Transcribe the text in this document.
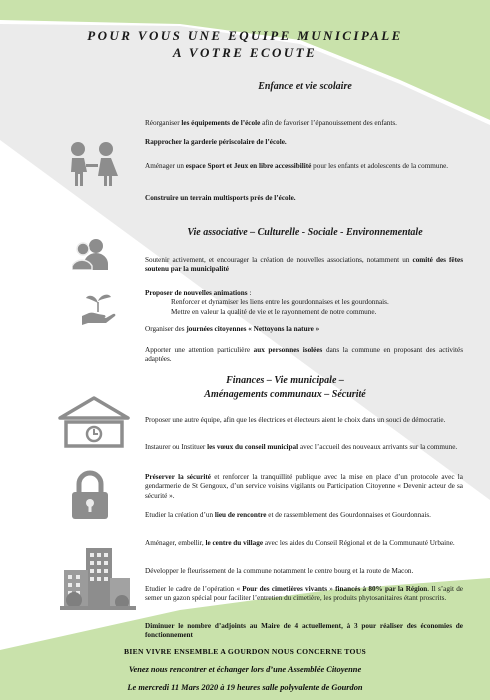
POUR VOUS UNE EQUIPE MUNICIPALE
A VOTRE ECOUTE
Enfance et vie scolaire
Réorganiser les équipements de l’école afin de favoriser l’épanouissement des enfants.
Rapprocher la garderie périscolaire de l’école.
Aménager un espace Sport et Jeux en libre accessibilité pour les enfants et adolescents de la commune.
Construire un terrain multisports près de l’école.
Vie associative – Culturelle - Sociale - Environnementale
Soutenir activement, et encourager la création de nouvelles associations, notamment un comité des fêtes soutenu par la municipalité
Proposer de nouvelles animations :
Renforcer et dynamiser les liens entre les gourdonnaises et les gourdonnais.
Mettre en valeur la qualité de vie et le rayonnement de notre commune.
Organiser des journées citoyennes « Nettoyons la nature »
Apporter une attention particulière aux personnes isolées dans la commune en proposant des activités adaptées.
Finances – Vie municipale –
Aménagements communaux – Sécurité
Proposer une autre équipe, afin que les électrices et électeurs aient le choix dans un souci de démocratie.
Instaurer ou Instituer les vœux du conseil municipal avec l’accueil des nouveaux arrivants sur la commune.
Préserver la sécurité et renforcer la tranquillité publique avec la mise en place d’un protocole avec la gendarmerie de St Gengoux, d’un service voisins vigilants ou Participation Citoyenne « Devenir acteur de sa sécurité ».
Etudier la création d’un lieu de rencontre et de rassemblement des Gourdonnaises et Gourdonnais.
Aménager, embellir, le centre du village avec les aides du Conseil Régional et de la Communauté Urbaine.
Développer le fleurissement de la commune notamment le centre bourg et la route de Macon.
Etudier le cadre de l’opération « Pour des cimetières vivants » financés à 80% par la Région. Il s’agit de semer un gazon spécial pour faciliter l’entretien du cimetière, les produits phytosanitaires étant proscrits.
Diminuer le nombre d’adjoints au Maire de 4 actuellement, à 3 pour réaliser des économies de fonctionnement
BIEN VIVRE ENSEMBLE A GOURDON NOUS CONCERNE TOUS
Venez nous rencontrer et échanger lors d’une Assemblée Citoyenne
Le mercredi 11 Mars 2020 à 19 heures salle polyvalente de Gourdon
